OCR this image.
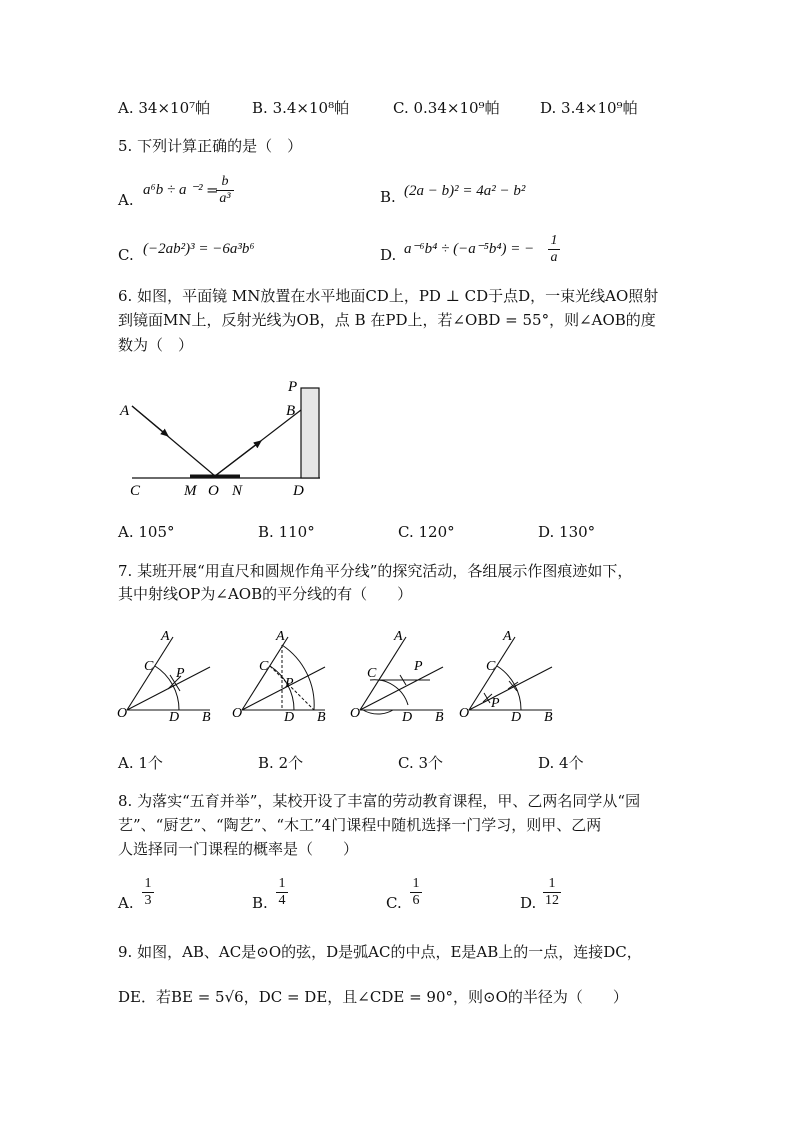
A. 34×10⁷帕	B. 3.4×10⁸帕	C. 0.34×10⁹帕	D. 3.4×10⁹帕
5. 下列计算正确的是（　）
A.
a⁶b ÷ a ⁻² = b
a³	B. (2a − b)² = 4a² − b²
C. (−2ab²)³ = −6a³b⁶	D. a⁻⁶b⁴ ÷ (−a⁻⁵b⁴) = −
1
a
6. 如图，平面镜 MN放置在水平地面CD上，PD ⊥ CD于点D，一束光线AO照射
到镜面MN上，反射光线为OB，点 B 在PD上，若∠OBD = 55°，则∠AOB的度
数为（　）
A	B
P
C	M O N	D
A. 105°	B. 110°	C. 120°	D. 130°
7. 某班开展“用直尺和圆规作角平分线”的探究活动，各组展示作图痕迹如下，
其中射线OP为∠AOB的平分线的有（　　）
O
A
B
C
D
P
O
A
B
C
D
P
O
A
B
C
D
P
O
A
B
C
D
P
A. 1个	B. 2个	C. 3个	D. 4个
8. 为落实“五育并举”，某校开设了丰富的劳动教育课程，甲、乙两名同学从“园
艺”、“厨艺”、“陶艺”、“木工”4门课程中随机选择一门学习，则甲、乙两
人选择同一门课程的概率是（　　）
A.
1
3	B.
1
4	C.
1
6	D.
1
12
9. 如图，AB、AC是⊙O的弦，D是弧AC的中点，E是AB上的一点，连接DC，
DE．若BE = 5√6，DC = DE，且∠CDE = 90°，则⊙O的半径为（　　）
